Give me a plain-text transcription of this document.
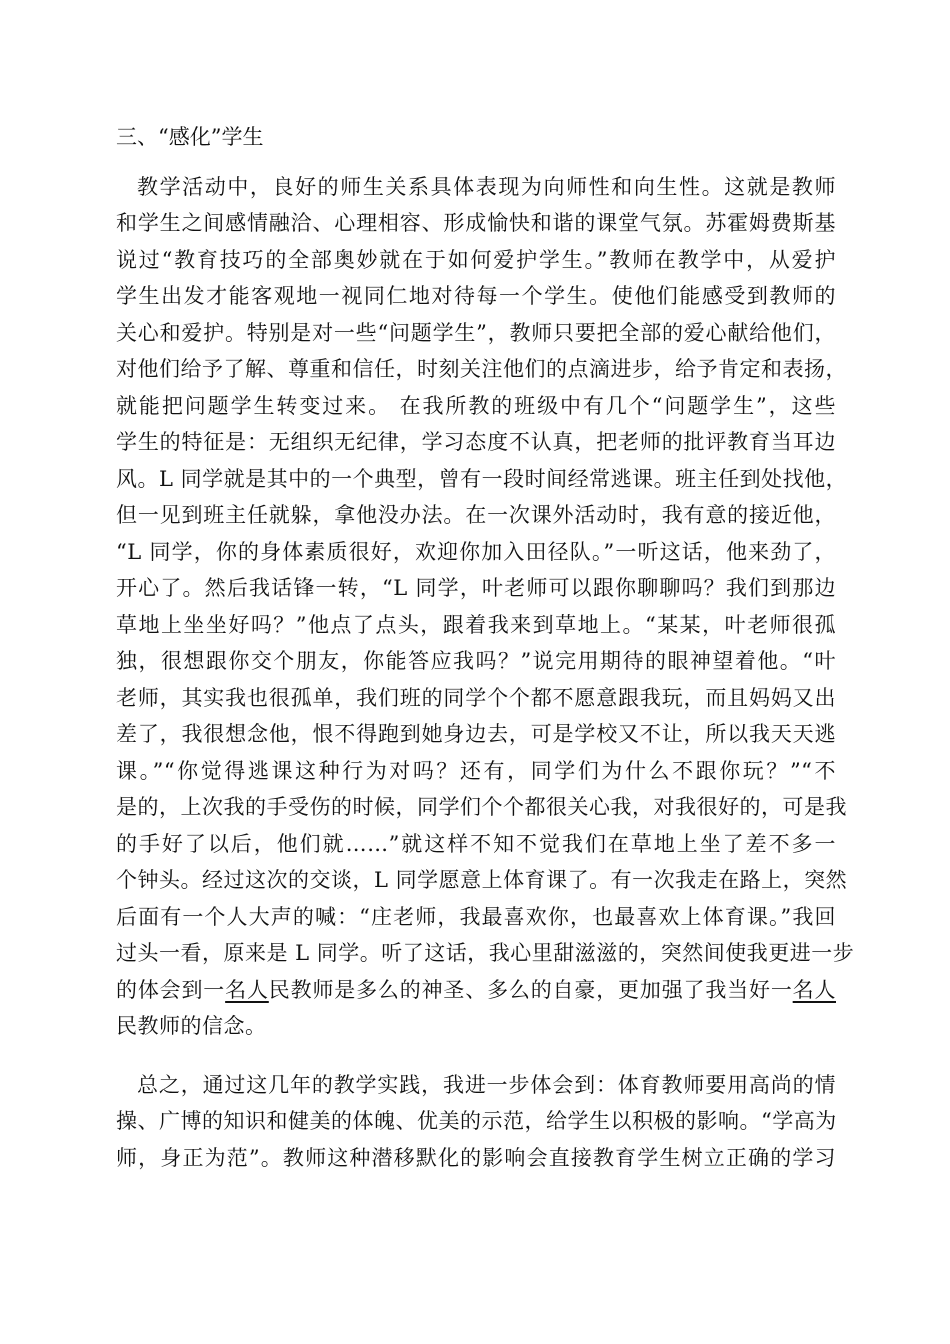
三、“感化”学生
教学活动中，良好的师生关系具体表现为向师性和向生性。这就是教师
和学生之间感情融洽、心理相容、形成愉快和谐的课堂气氛。苏霍姆费斯基
说过“教育技巧的全部奥妙就在于如何爱护学生。”教师在教学中，从爱护
学生出发才能客观地一视同仁地对待每一个学生。使他们能感受到教师的
关心和爱护。特别是对一些“问题学生”，教师只要把全部的爱心献给他们，
对他们给予了解、尊重和信任，时刻关注他们的点滴进步，给予肯定和表扬，
就能把问题学生转变过来。 在我所教的班级中有几个“问题学生”，这些
学生的特征是：无组织无纪律，学习态度不认真，把老师的批评教育当耳边
风。L 同学就是其中的一个典型，曾有一段时间经常逃课。班主任到处找他，
但一见到班主任就躲，拿他没办法。在一次课外活动时，我有意的接近他，
“L 同学，你的身体素质很好，欢迎你加入田径队。”一听这话，他来劲了，
开心了。然后我话锋一转，“L 同学，叶老师可以跟你聊聊吗？我们到那边
草地上坐坐好吗？”他点了点头，跟着我来到草地上。“某某，叶老师很孤
独，很想跟你交个朋友，你能答应我吗？”说完用期待的眼神望着他。“叶
老师，其实我也很孤单，我们班的同学个个都不愿意跟我玩，而且妈妈又出
差了，我很想念他，恨不得跑到她身边去，可是学校又不让，所以我天天逃
课。”“你觉得逃课这种行为对吗？还有，同学们为什么不跟你玩？”“不
是的，上次我的手受伤的时候，同学们个个都很关心我，对我很好的，可是我
的手好了以后，他们就……”就这样不知不觉我们在草地上坐了差不多一
个钟头。经过这次的交谈，L 同学愿意上体育课了。有一次我走在路上，突然
后面有一个人大声的喊：“庄老师，我最喜欢你，也最喜欢上体育课。”我回
过头一看，原来是 L 同学。听了这话，我心里甜滋滋的，突然间使我更进一步
的体会到一名人民教师是多么的神圣、多么的自豪，更加强了我当好一名人
民教师的信念。
总之，通过这几年的教学实践，我进一步体会到：体育教师要用高尚的情
操、广博的知识和健美的体魄、优美的示范，给学生以积极的影响。“学高为
师，身正为范”。教师这种潜移默化的影响会直接教育学生树立正确的学习
